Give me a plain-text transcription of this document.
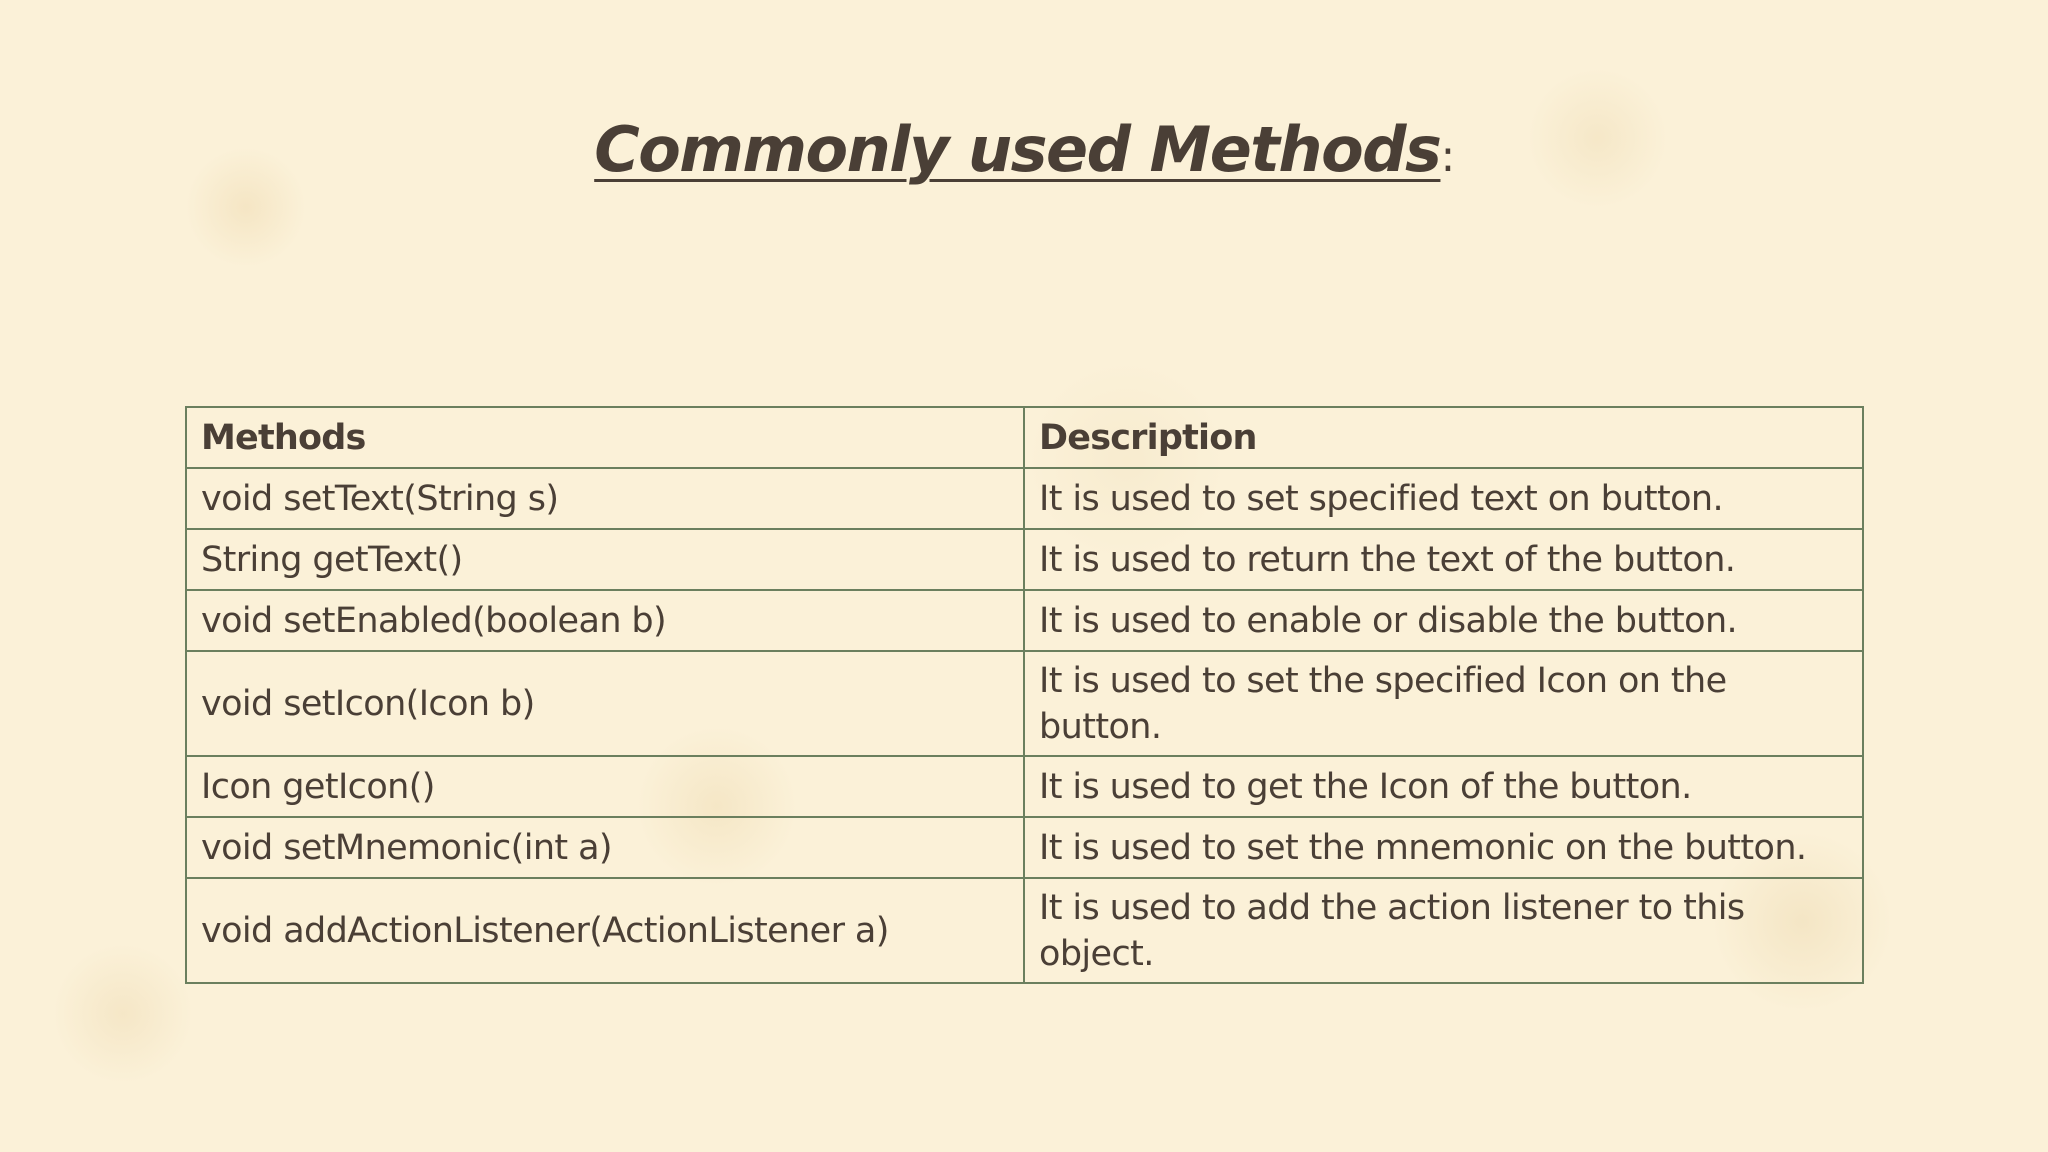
Commonly used Methods:
Methods	Description
void setText(String s)	It is used to set specified text on button.
String getText()	It is used to return the text of the button.
void setEnabled(boolean b)	It is used to enable or disable the button.
void setIcon(Icon b)	It is used to set the specified Icon on the button.
Icon getIcon()	It is used to get the Icon of the button.
void setMnemonic(int a)	It is used to set the mnemonic on the button.
void addActionListener(ActionListener a)	It is used to add the action listener to this object.
